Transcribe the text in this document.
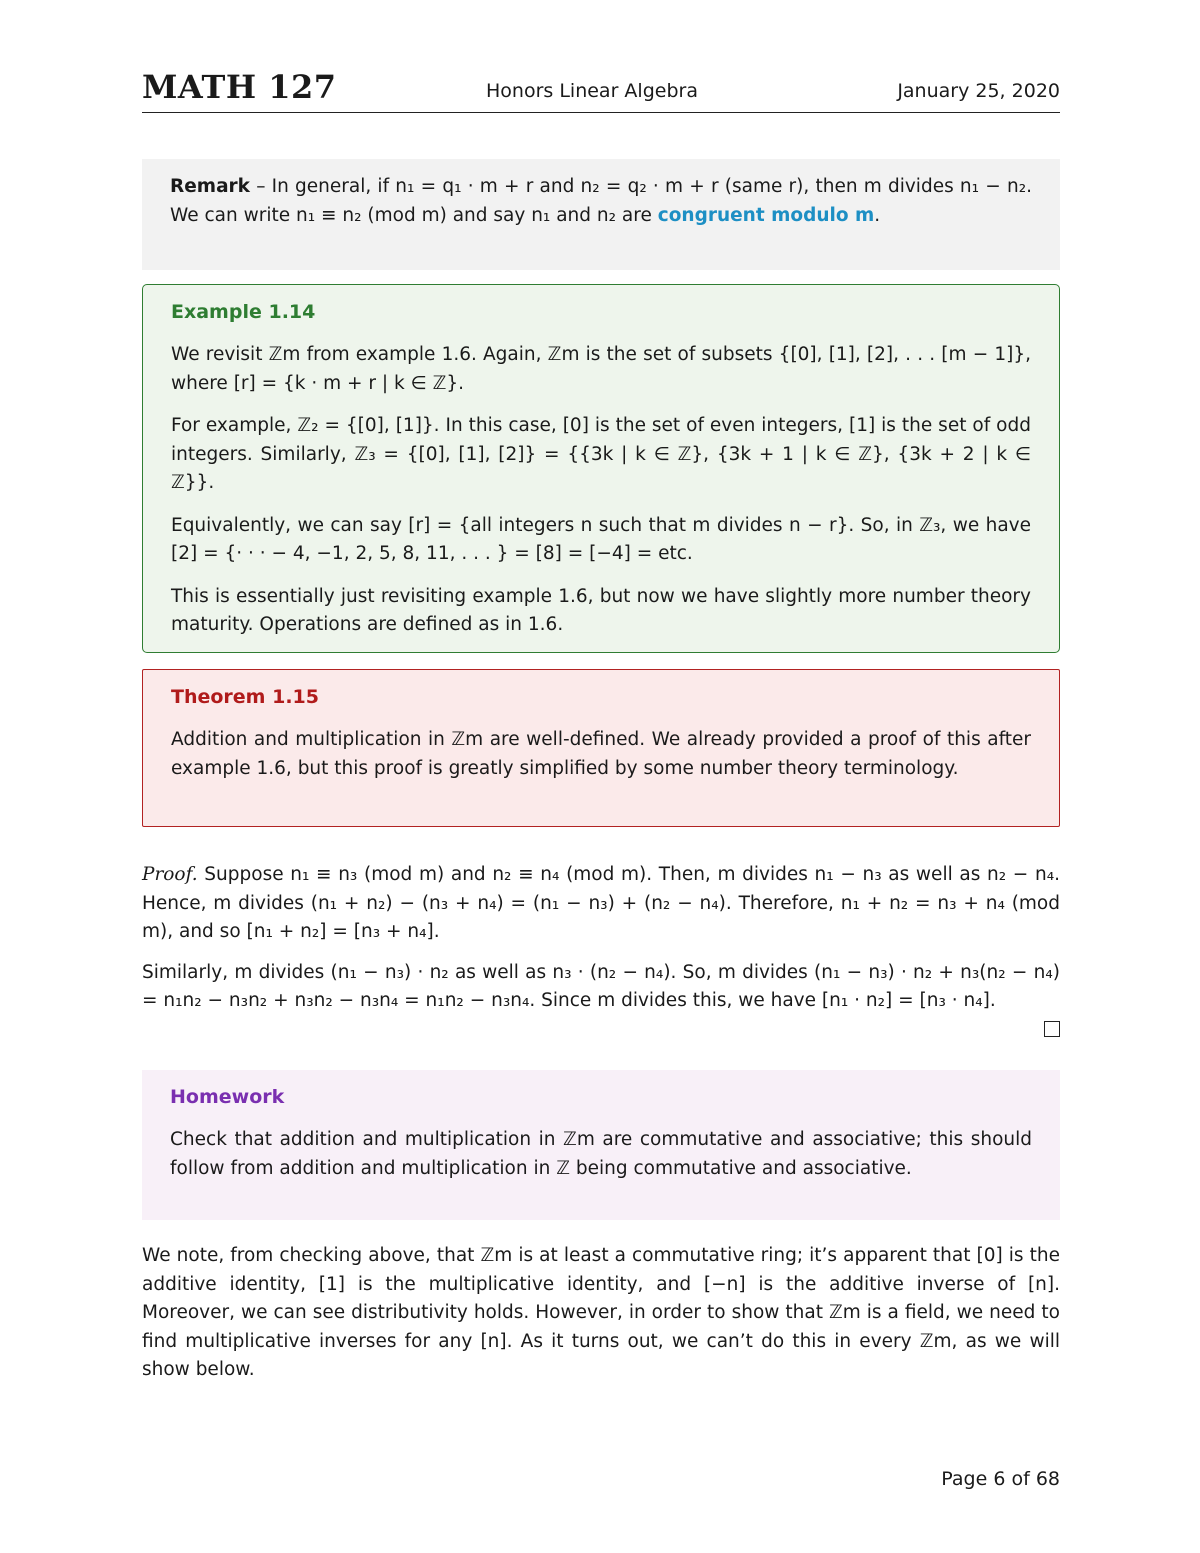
MATH 127	Honors Linear Algebra	January 25, 2020

Remark – In general, if n₁ = q₁ · m + r and n₂ = q₂ · m + r (same r), then m divides n₁ − n₂. We can write n₁ ≡ n₂ (mod m) and say n₁ and n₂ are congruent modulo m.

Example 1.14

We revisit ℤm from example 1.6. Again, ℤm is the set of subsets {[0], [1], [2], . . . [m − 1]}, where [r] = {k · m + r | k ∈ ℤ}.

For example, ℤ₂ = {[0], [1]}. In this case, [0] is the set of even integers, [1] is the set of odd integers. Similarly, ℤ₃ = {[0], [1], [2]} = {{3k | k ∈ ℤ}, {3k + 1 | k ∈ ℤ}, {3k + 2 | k ∈ ℤ}}.

Equivalently, we can say [r] = {all integers n such that m divides n − r}. So, in ℤ₃, we have [2] = {· · · − 4, −1, 2, 5, 8, 11, . . . } = [8] = [−4] = etc.

This is essentially just revisiting example 1.6, but now we have slightly more number theory maturity. Operations are defined as in 1.6.

Theorem 1.15

Addition and multiplication in ℤm are well-defined. We already provided a proof of this after example 1.6, but this proof is greatly simplified by some number theory terminology.

Proof. Suppose n₁ ≡ n₃ (mod m) and n₂ ≡ n₄ (mod m). Then, m divides n₁ − n₃ as well as n₂ − n₄. Hence, m divides (n₁ + n₂) − (n₃ + n₄) = (n₁ − n₃) + (n₂ − n₄). Therefore, n₁ + n₂ = n₃ + n₄ (mod m), and so [n₁ + n₂] = [n₃ + n₄].

Similarly, m divides (n₁ − n₃) · n₂ as well as n₃ · (n₂ − n₄). So, m divides (n₁ − n₃) · n₂ + n₃(n₂ − n₄) = n₁n₂ − n₃n₂ + n₃n₂ − n₃n₄ = n₁n₂ − n₃n₄. Since m divides this, we have [n₁ · n₂] = [n₃ · n₄].

Homework

Check that addition and multiplication in ℤm are commutative and associative; this should follow from addition and multiplication in ℤ being commutative and associative.

We note, from checking above, that ℤm is at least a commutative ring; it’s apparent that [0] is the additive identity, [1] is the multiplicative identity, and [−n] is the additive inverse of [n]. Moreover, we can see distributivity holds. However, in order to show that ℤm is a field, we need to find multiplicative inverses for any [n]. As it turns out, we can’t do this in every ℤm, as we will show below.

Page 6 of 68
